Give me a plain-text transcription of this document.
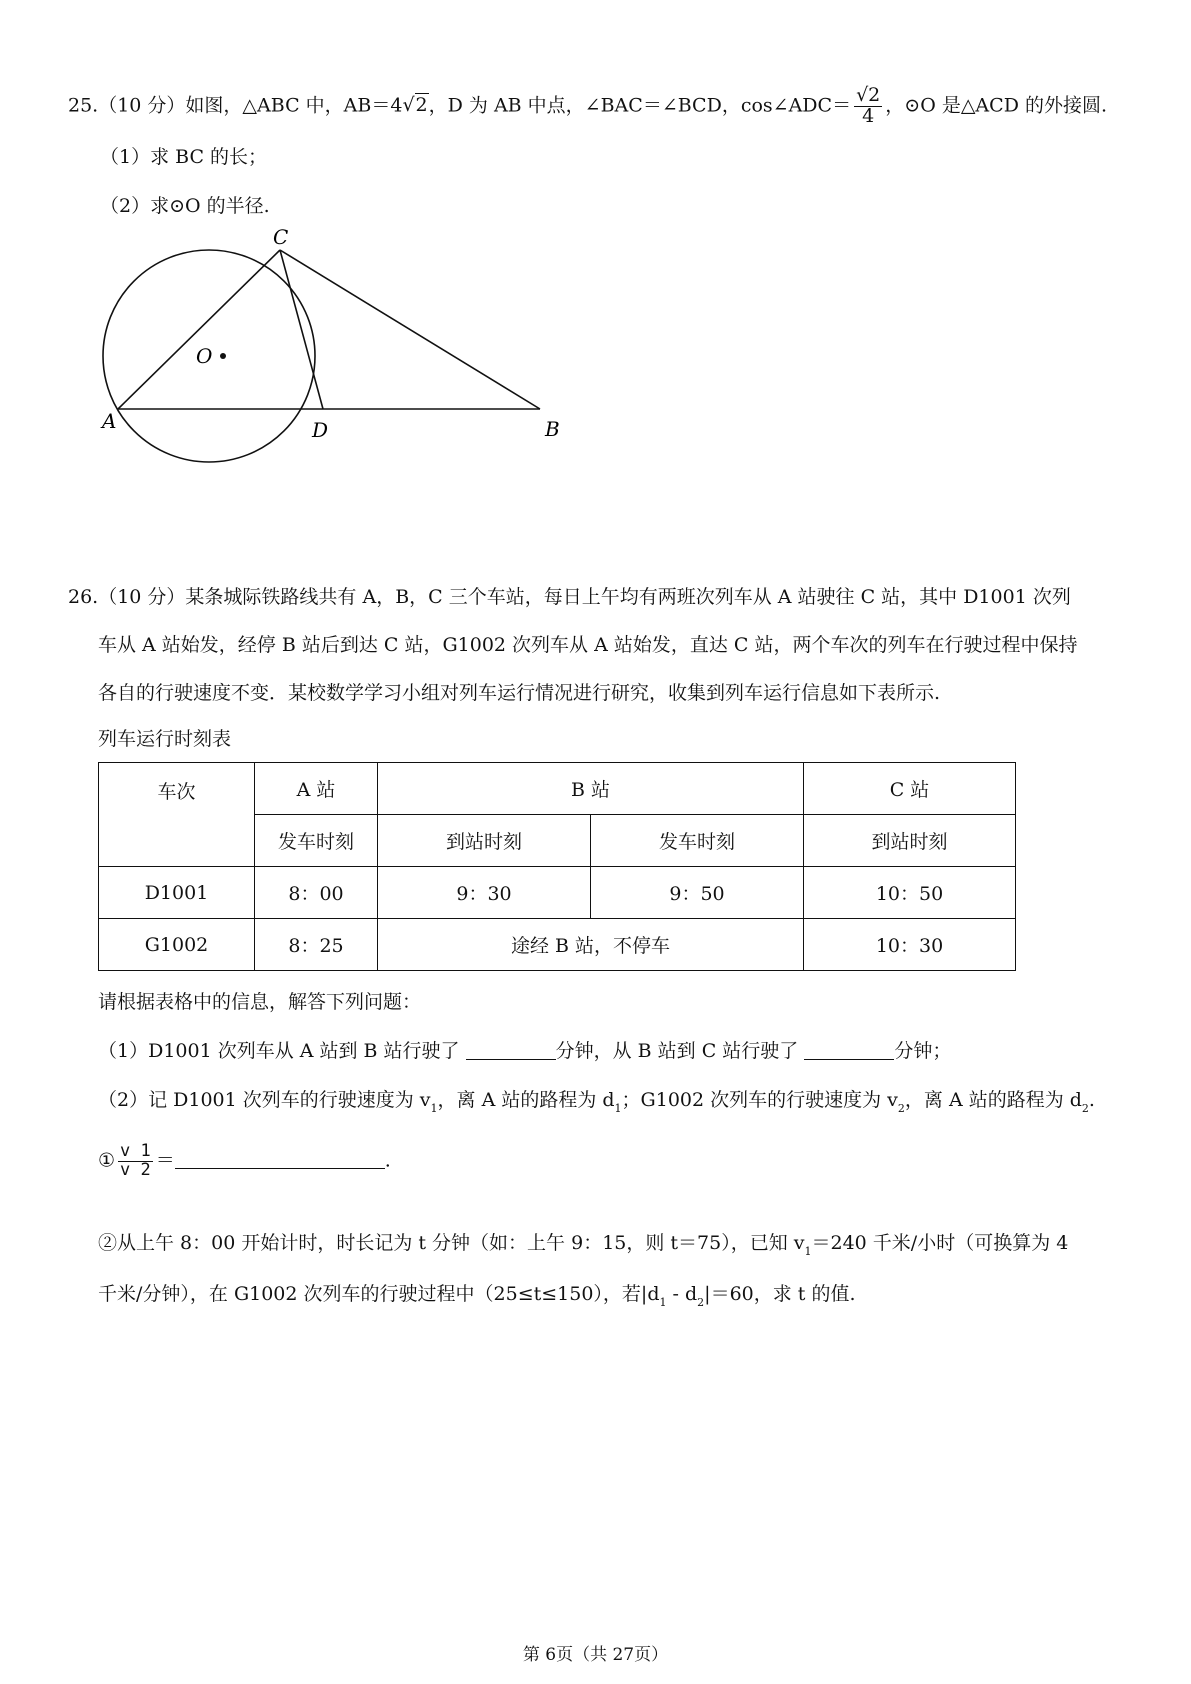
25.（10 分）如图，△ABC 中，AB＝4√2，D 为 AB 中点，∠BAC＝∠BCD，cos∠ADC＝ $\frac{√2}{4}$ ，⊙O 是△ACD 的外接圆.
（1）求 BC 的长；
（2）求⊙O 的半径.
A	B
C
D
O
26.（10 分）某条城际铁路线共有 A，B，C 三个车站，每日上午均有两班次列车从 A 站驶往 C 站，其中 D1001 次列
车从 A 站始发，经停 B 站后到达 C 站，G1002 次列车从 A 站始发，直达 C 站，两个车次的列车在行驶过程中保持
各自的行驶速度不变．某校数学学习小组对列车运行情况进行研究，收集到列车运行信息如下表所示.
列车运行时刻表
车次	A 站	B 站		C 站
	发车时刻	到站时刻	发车时刻	到站时刻
D1001	8：00	9：30	9：50	10：50
G1002	8：25	途经 B 站，不停车		10：30
请根据表格中的信息，解答下列问题：
（1）D1001 次列车从 A 站到 B 站行驶了	分钟，从 B 站到 C 站行驶了	分钟；
（2）记 D1001 次列车的行驶速度为 $v_1$，离 A 站的路程为 $d_1$；G1002 次列车的行驶速度为 $v_2$，离 A 站的路程为 $d_2$.
① $\frac{v 1}{v 2}$ ＝	.
②从上午 8：00 开始计时，时长记为 t 分钟（如：上午 9：15，则 t＝75），已知 $v_1=240$ 千米/小时（可换算为 4
千米/分钟），在 G1002 次列车的行驶过程中（25≤t≤150），若$|d_1 - d_2|=60$，求 t 的值.
第 6页（共 27页）
